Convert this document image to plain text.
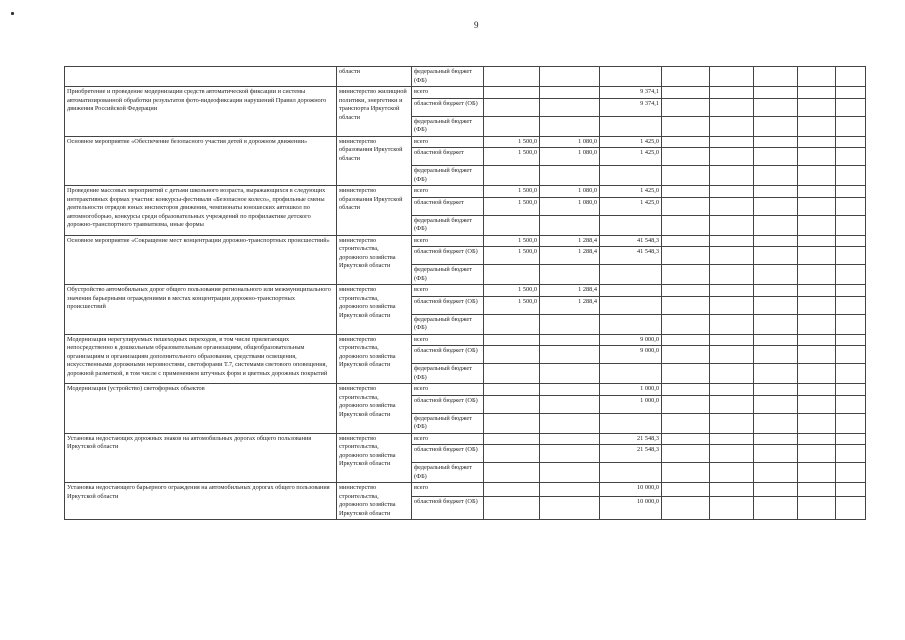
9
	области	федеральный бюджет (ФБ)								
Приобретение и проведение модернизации средств автоматической фиксации и системы автоматизированной обработки результатов фото-видеофиксации нарушений Правил дорожного движения Российской Федерации	министерство жилищной политики, энергетики и транспорта Иркутской области	всего			9 374,1					
		областной бюджет (ОБ)			9 374,1					
		федеральный бюджет (ФБ)								
Основное мероприятие «Обеспечение безопасного участия детей в дорожном движении»	министерство образования Иркутской области	всего	1 500,0	1 080,0	1 425,0					
		областной бюджет	1 500,0	1 080,0	1 425,0					
		федеральный бюджет (ФБ)								
Проведение массовых мероприятий с детьми школьного возраста, выражающихся в следующих интерактивных формах участия: конкурсы-фестивали «Безопасное колесо», профильные смены деятельности отрядов юных инспекторов движения, чемпионаты юношеских автошкол по автомногоборью, конкурсы среди образовательных учреждений по профилактике детского дорожно-транспортного травматизма, иные формы	министерство образования Иркутской области	всего	1 500,0	1 080,0	1 425,0					
		областной бюджет	1 500,0	1 080,0	1 425,0					
		федеральный бюджет (ФБ)								
Основное мероприятие «Сокращение мест концентрации дорожно-транспортных происшествий»	министерство строительства, дорожного хозяйства Иркутской области	всего	1 500,0	1 288,4	41 548,3					
		областной бюджет (ОБ)	1 500,0	1 288,4	41 548,3					
		федеральный бюджет (ФБ)								
Обустройство автомобильных дорог общего пользования регионального или межмуниципального значения барьерными ограждениями в местах концентрации дорожно-транспортных происшествий	министерство строительства, дорожного хозяйства Иркутской области	всего	1 500,0	1 288,4						
		областной бюджет (ОБ)	1 500,0	1 288,4						
		федеральный бюджет (ФБ)								
Модернизация нерегулируемых пешеходных переходов, в том числе прилегающих непосредственно к дошкольным образовательным организациям, общеобразовательным организациям и организациям дополнительного образования, средствами освещения, искусственными дорожными неровностями, светофорами Т.7, системами светового оповещения, дорожной разметкой, в том числе с применением штучных форм и цветных дорожных покрытий	министерство строительства, дорожного хозяйства Иркутской области	всего			9 000,0					
		областной бюджет (ОБ)			9 000,0					
		федеральный бюджет (ФБ)								
Модернизация (устройство) светофорных объектов	министерство строительства, дорожного хозяйства Иркутской области	всего			1 000,0					
		областной бюджет (ОБ)			1 000,0					
		федеральный бюджет (ФБ)								
Установка недостающих дорожных знаков на автомобильных дорогах общего пользования Иркутской области	министерство строительства, дорожного хозяйства Иркутской области	всего			21 548,3					
		областной бюджет (ОБ)			21 548,3					
		федеральный бюджет (ФБ)								
Установка недостающего барьерного ограждения на автомобильных дорогах общего пользования Иркутской области	министерство строительства, дорожного хозяйства Иркутской области	всего			10 000,0					
		областной бюджет (ОБ)			10 000,0					
